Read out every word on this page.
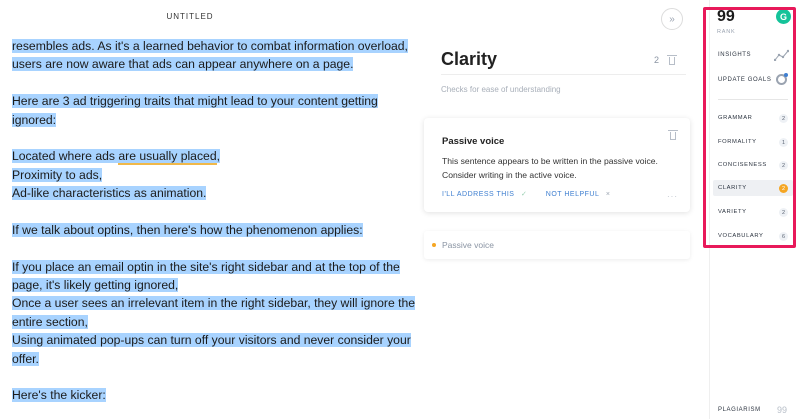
UNTITLED
resembles ads. As it's a learned behavior to combat information overload,
users are now aware that ads can appear anywhere on a page.
Here are 3 ad triggering traits that might lead to your content getting
ignored:
Located where ads are usually placed,
Proximity to ads,
Ad-like characteristics as animation.
If we talk about optins, then here's how the phenomenon applies:
If you place an email optin in the site's right sidebar and at the top of the
page, it's likely getting ignored,
Once a user sees an irrelevant item in the right sidebar, they will ignore the
entire section,
Using animated pop-ups can turn off your visitors and never consider your
offer.
Here's the kicker:
»
Clarity	2
Checks for ease of understanding
Passive voice
This sentence appears to be written in the passive voice. Consider writing in the active voice.
I'LL ADDRESS THIS ✓	NOT HELPFUL ×	···
Passive voice
99
RANK
G
INSIGHTS
UPDATE GOALS
GRAMMAR	2
FORMALITY	1
CONCISENESS	2
CLARITY	2
VARIETY	2
VOCABULARY	6
PLAGIARISM 99
